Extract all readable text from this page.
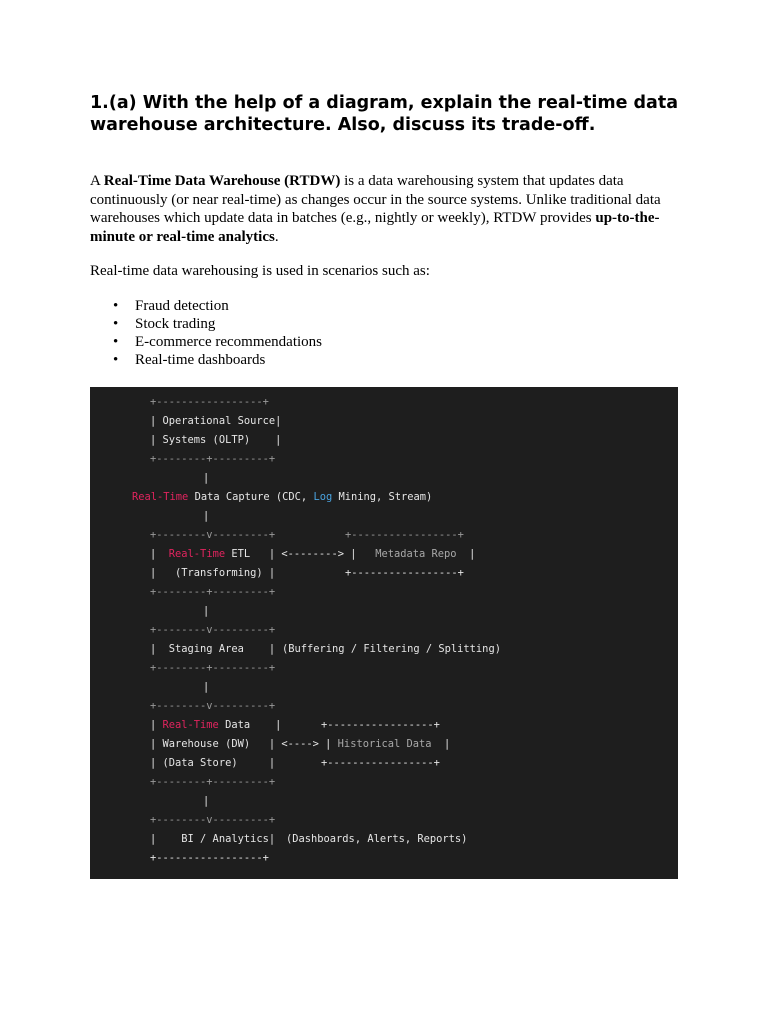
1.(a) With the help of a diagram, explain the real-time data warehouse architecture. Also, discuss its trade-off.

A Real-Time Data Warehouse (RTDW) is a data warehousing system that updates data continuously (or near real-time) as changes occur in the source systems. Unlike traditional data warehouses which update data in batches (e.g., nightly or weekly), RTDW provides up-to-the-minute or real-time analytics.

Real-time data warehousing is used in scenarios such as:

• Fraud detection
• Stock trading
• E-commerce recommendations
• Real-time dashboards

+-----------------+

| Operational Source|

| Systems (OLTP)    |

+--------+---------+

|

Real-Time Data Capture (CDC, Log Mining, Stream)

|

+--------v---------+

	+-----------------+

|  Real-Time ETL   | <--------> |   Metadata Repo  |

|   (Transforming) |

	+-----------------+

+--------+---------+

|

+--------v---------+

|  Staging Area    |

(Buffering / Filtering / Splitting)

+--------+---------+

|

+--------v---------+

| Real-Time Data    |

	+-----------------+

| Warehouse (DW)   | <----> | Historical Data  |

| (Data Store)     |

	+-----------------+

+--------+---------+

|

+--------v---------+

|    BI / Analytics|

(Dashboards, Alerts, Reports)

+-----------------+
